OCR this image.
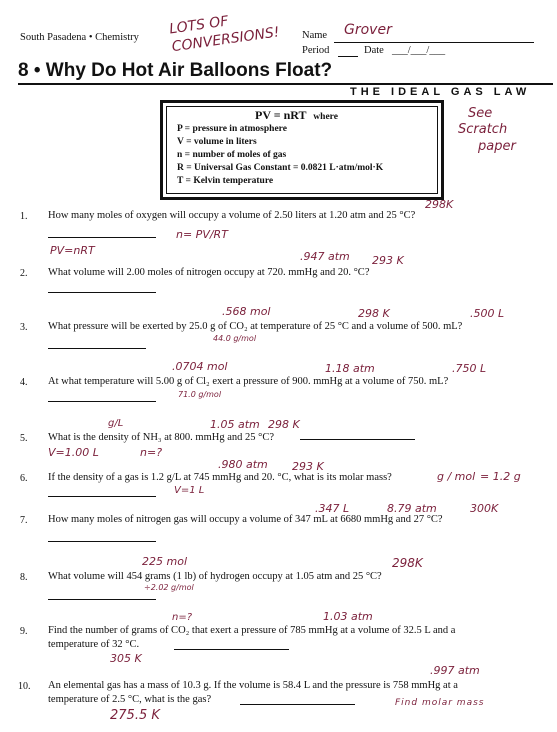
South Pasadena • Chemistry
LOTS OF CONVERSIONS!	Name Grover
Period	Date ___/___/___
8 • Why Do Hot Air Balloons Float?
THE IDEAL GAS LAW
PV = nRT where
P = pressure in atmosphere
V = volume in liters
n = number of moles of gas
R = Universal Gas Constant = 0.0821 L·atm/mol·K
T = Kelvin temperature
See
Scratch
paper
1. How many moles of oxygen will occupy a volume of 2.50 liters at 1.20 atm and 25 °C?
298K
n= PV/RT
PV=nRT
2. What volume will 2.00 moles of nitrogen occupy at 720. mmHg and 20. °C?
.947 atm 293 K
3. What pressure will be exerted by 25.0 g of CO₂ at temperature of 25 °C and a volume of 500. mL?
.568 mol
44.0 g/mol
298 K	.500 L
4. At what temperature will 5.00 g of Cl₂ exert a pressure of 900. mmHg at a volume of 750. mL?
.0704 mol
71.0 g/mol
1.18 atm	.750 L
5. What is the density of NH₃ at 800. mmHg and 25 °C?
g/L	1.05 atm 298 K
V=1.00 L	n=?
6. If the density of a gas is 1.2 g/L at 745 mmHg and 20. °C, what is its molar mass?
.980 atm 293 K
V=1 L
g / mol = 1.2 g
7. How many moles of nitrogen gas will occupy a volume of 347 mL at 6680 mmHg and 27 °C?
.347 L	8.79 atm	300K
8. What volume will 454 grams (1 lb) of hydrogen occupy at 1.05 atm and 25 °C?
225 mol
÷2.02 g/mol
298K
9. Find the number of grams of CO₂ that exert a pressure of 785 mmHg at a volume of 32.5 L and a
temperature of 32 °C.
n=?	1.03 atm
305 K
10. An elemental gas has a mass of 10.3 g. If the volume is 58.4 L and the pressure is 758 mmHg at a
temperature of 2.5 °C, what is the gas?
.997 atm
275.5 K
Find molar mass
